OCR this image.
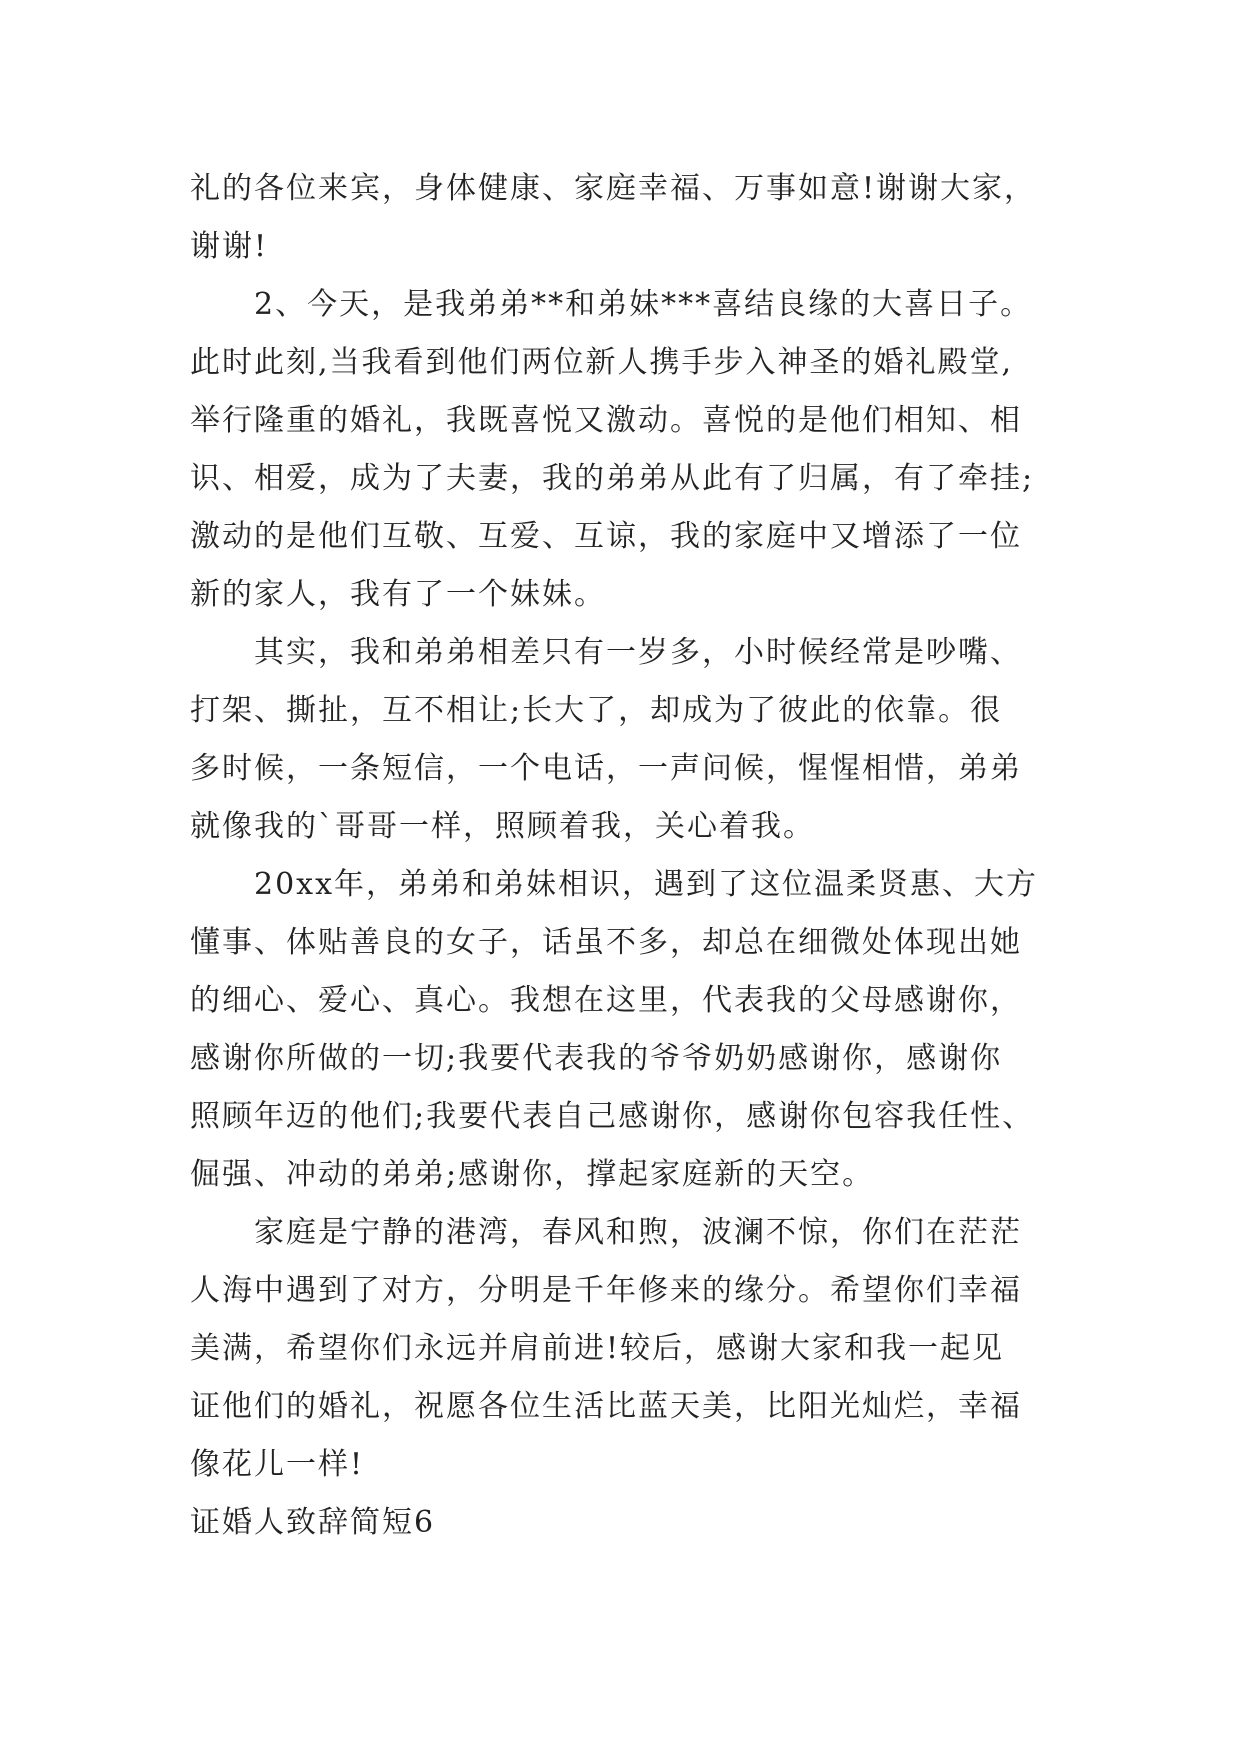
礼的各位来宾，身体健康、家庭幸福、万事如意!谢谢大家，
谢谢!
2、今天，是我弟弟**和弟妹***喜结良缘的大喜日子。
此时此刻,当我看到他们两位新人携手步入神圣的婚礼殿堂,
举行隆重的婚礼，我既喜悦又激动。喜悦的是他们相知、相
识、相爱，成为了夫妻，我的弟弟从此有了归属，有了牵挂;
激动的是他们互敬、互爱、互谅，我的家庭中又增添了一位
新的家人，我有了一个妹妹。
其实，我和弟弟相差只有一岁多，小时候经常是吵嘴、
打架、撕扯，互不相让;长大了，却成为了彼此的依靠。很
多时候，一条短信，一个电话，一声问候，惺惺相惜，弟弟
就像我的`哥哥一样，照顾着我，关心着我。
20xx年，弟弟和弟妹相识，遇到了这位温柔贤惠、大方
懂事、体贴善良的女子，话虽不多，却总在细微处体现出她
的细心、爱心、真心。我想在这里，代表我的父母感谢你，
感谢你所做的一切;我要代表我的爷爷奶奶感谢你，感谢你
照顾年迈的他们;我要代表自己感谢你，感谢你包容我任性、
倔强、冲动的弟弟;感谢你，撑起家庭新的天空。
家庭是宁静的港湾，春风和煦，波澜不惊，你们在茫茫
人海中遇到了对方，分明是千年修来的缘分。希望你们幸福
美满，希望你们永远并肩前进!较后，感谢大家和我一起见
证他们的婚礼，祝愿各位生活比蓝天美，比阳光灿烂，幸福
像花儿一样!
证婚人致辞简短6
